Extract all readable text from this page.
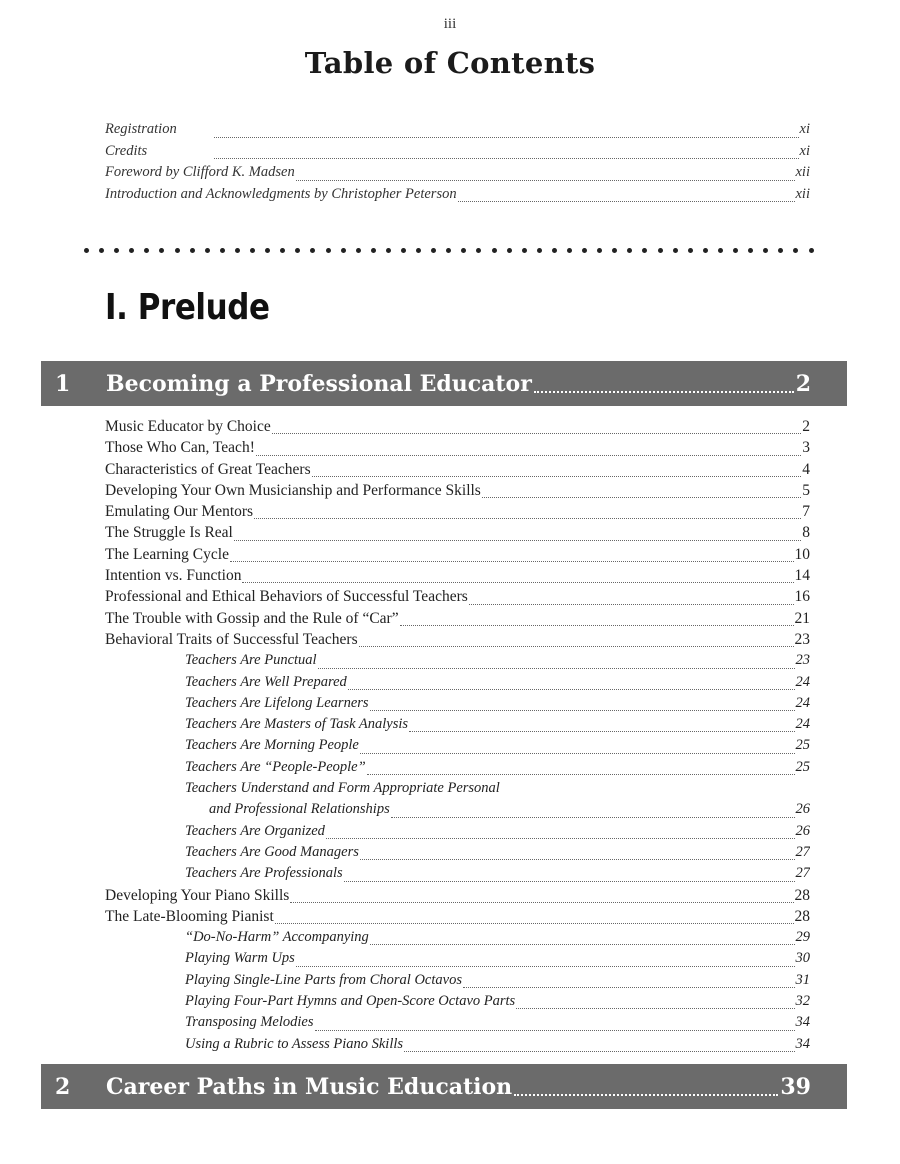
iii
Table of Contents
Registration	xi
Credits	xi
Foreword by Clifford K. Madsen	xii
Introduction and Acknowledgments by Christopher Peterson	xii
I. Prelude
1	Becoming a Professional Educator	2
Music Educator by Choice	2
Those Who Can, Teach!	3
Characteristics of Great Teachers	4
Developing Your Own Musicianship and Performance Skills	5
Emulating Our Mentors	7
The Struggle Is Real	8
The Learning Cycle	10
Intention vs. Function	14
Professional and Ethical Behaviors of Successful Teachers	16
The Trouble with Gossip and the Rule of “Car”	21
Behavioral Traits of Successful Teachers	23
Teachers Are Punctual	23
Teachers Are Well Prepared	24
Teachers Are Lifelong Learners	24
Teachers Are Masters of Task Analysis	24
Teachers Are Morning People	25
Teachers Are “People-People”	25
Teachers Understand and Form Appropriate Personal
and Professional Relationships	26
Teachers Are Organized	26
Teachers Are Good Managers	27
Teachers Are Professionals	27
Developing Your Piano Skills	28
The Late-Blooming Pianist	28
“Do-No-Harm” Accompanying	29
Playing Warm Ups	30
Playing Single-Line Parts from Choral Octavos	31
Playing Four-Part Hymns and Open-Score Octavo Parts	32
Transposing Melodies	34
Using a Rubric to Assess Piano Skills	34
2	Career Paths in Music Education	39
